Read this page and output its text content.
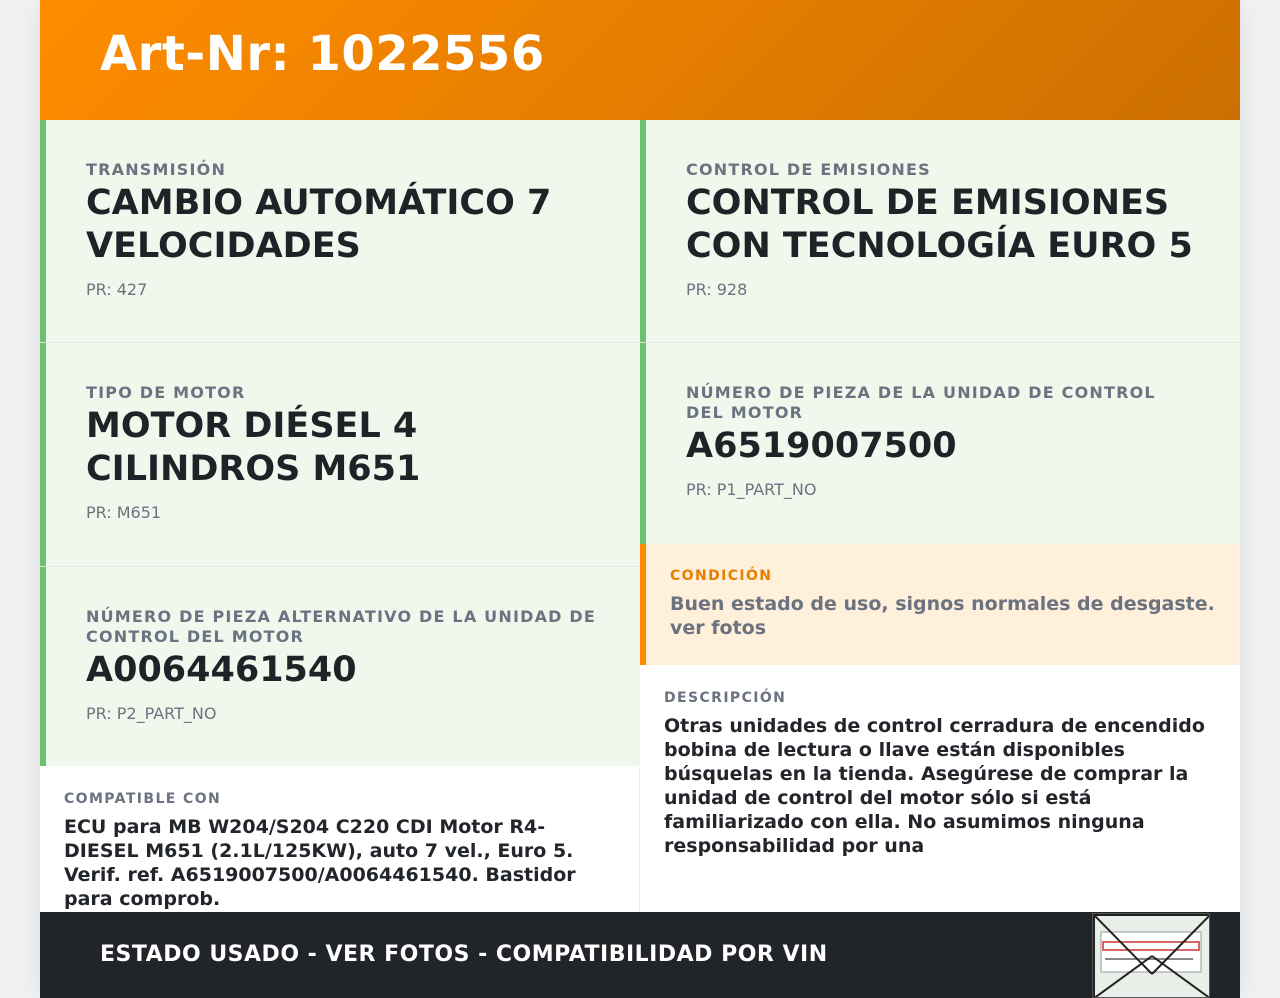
Art-Nr: 1022556
TRANSMISIÓN
CAMBIO AUTOMÁTICO 7 VELOCIDADES
PR: 427
TIPO DE MOTOR
MOTOR DIÉSEL 4 CILINDROS M651
PR: M651
NÚMERO DE PIEZA ALTERNATIVO DE LA UNIDAD DE CONTROL DEL MOTOR
A0064461540
PR: P2_PART_NO
CONTROL DE EMISIONES
CONTROL DE EMISIONES CON TECNOLOGÍA EURO 5
PR: 928
NÚMERO DE PIEZA DE LA UNIDAD DE CONTROL DEL MOTOR
A6519007500
PR: P1_PART_NO
CONDICIÓN
Buen estado de uso, signos normales de desgaste. ver fotos
COMPATIBLE CON
ECU para MB W204/S204 C220 CDI Motor R4-DIESEL M651 (2.1L/125KW), auto 7 vel., Euro 5. Verif. ref. A6519007500/A0064461540. Bastidor para comprob.
DESCRIPCIÓN
Otras unidades de control cerradura de encendido bobina de lectura o llave están disponibles búsquelas en la tienda. Asegúrese de comprar la unidad de control del motor sólo si está familiarizado con ella. No asumimos ninguna responsabilidad por una
ESTADO USADO - VER FOTOS - COMPATIBILIDAD POR VIN
